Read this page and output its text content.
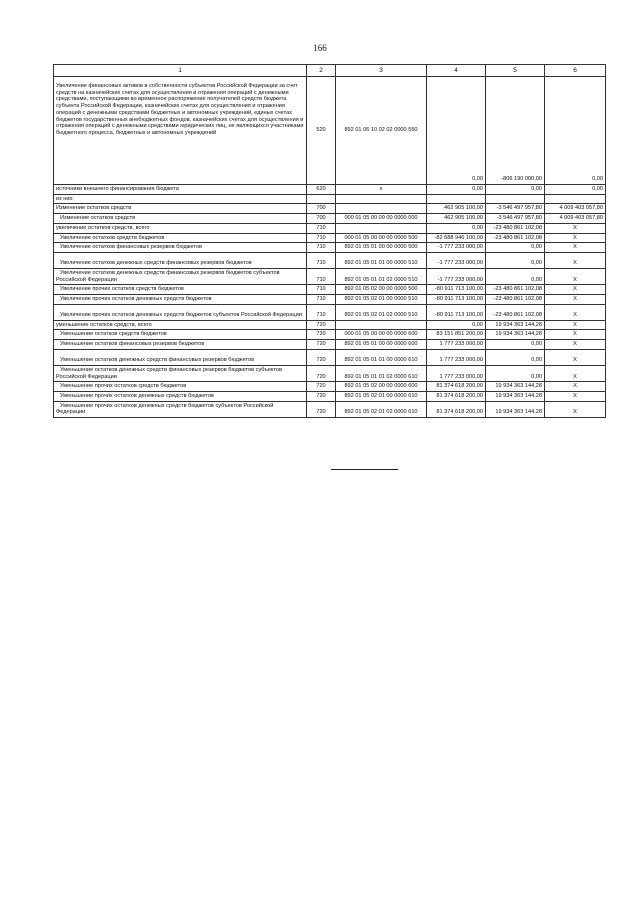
166
1	2	3	4	5	6
Увеличение финансовых активов в собственности субъектов Российской Федерации за счет средств на казначейских счетах для осуществления и отражения операций с денежными средствами, поступающими во временное распоряжение получателей средств бюджета субъекта Российской Федерации, казначейских счетах для осуществления и отражения операций с денежными средствами бюджетных и автономных учреждений, единых счетах бюджетов государственных внебюджетных фондов, казначейских счетах для осуществления и отражения операций с денежными средствами юридических лиц, не являющихся участниками бюджетного процесса, бюджетных и автономных учреждений	520	892 01 06 10 02 02 0000 550	0,00	-806 190 000,00	0,00
источники внешнего финансирования бюджета	620	x	0,00	0,00	0,00
из них:					
Изменение остатков средств	700		462 905 100,00	-3 546 497 957,80	4 009 403 057,80
Изменение остатков средств	700	000 01 05 00 00 00 0000 000	462 905 100,00	-3 546 497 957,80	4 009 403 057,80
увеличение остатков средств, всего	710		0,00	-23 480 861 102,08	X
Увеличение остатков средств бюджетов	710	000 01 05 00 00 00 0000 500	-82 688 946 100,00	-23 480 861 102,08	X
Увеличение остатков финансовых резервов бюджетов	710	892 01 05 01 00 00 0000 500	-1 777 233 000,00	0,00	X
Увеличение остатков денежных средств финансовых резервов бюджетов	710	892 01 05 01 01 00 0000 510	-1 777 233 000,00	0,00	X
Увеличение остатков денежных средств финансовых резервов бюджетов субъектов Российской Федерации	710	892 01 05 01 01 02 0000 510	-1 777 233 000,00	0,00	X
Увеличение прочих остатков средств бюджетов	710	892 01 05 02 00 00 0000 500	-80 911 713 100,00	-23 480 861 102,08	X
Увеличение прочих остатков денежных средств бюджетов	710	892 01 05 02 01 00 0000 510	-80 911 713 100,00	-23 480 861 102,08	X
Увеличение прочих остатков денежных средств бюджетов субъектов Российской Федерации	710	892 01 05 02 01 02 0000 510	-80 911 713 100,00	-23 480 861 102,08	X
уменьшение остатков средств, всего	720		0,00	19 934 363 144,28	X
Уменьшение остатков средств бюджетов	720	000 01 05 00 00 00 0000 600	83 151 851 200,00	19 934 363 144,28	X
Уменьшение остатков финансовых резервов бюджетов	720	892 01 05 01 00 00 0000 600	1 777 233 000,00	0,00	X
Уменьшение остатков денежных средств финансовых резервов бюджетов	720	892 01 05 01 01 00 0000 610	1 777 233 000,00	0,00	X
Уменьшение остатков денежных средств финансовых резервов бюджетов субъектов Российской Федерации	720	892 01 05 01 01 02 0000 610	1 777 233 000,00	0,00	X
Уменьшение прочих остатков средств бюджетов	720	892 01 05 02 00 00 0000 600	81 374 618 200,00	19 934 363 144,28	X
Уменьшение прочих остатков денежных средств бюджетов	720	892 01 05 02 01 00 0000 610	81 374 618 200,00	19 934 363 144,28	X
Уменьшение прочих остатков денежных средств бюджетов субъектов Российской Федерации	720	892 01 05 02 01 02 0000 610	81 374 618 200,00	19 934 363 144,28	X
